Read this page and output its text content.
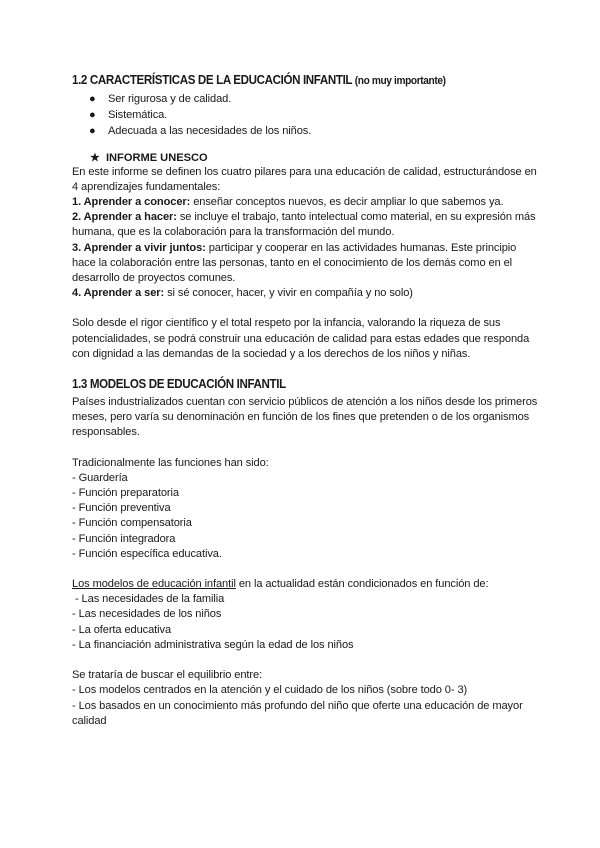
1.2 CARACTERÍSTICAS DE LA EDUCACIÓN INFANTIL (no muy importante)
● Ser rigurosa y de calidad.
● Sistemática.
● Adecuada a las necesidades de los niños.
★ INFORME UNESCO

En este informe se definen los cuatro pilares para una educación de calidad, estructurándose en 4 aprendizajes fundamentales:

1. Aprender a conocer: enseñar conceptos nuevos, es decir ampliar lo que sabemos ya.

2. Aprender a hacer: se incluye el trabajo, tanto intelectual como material, en su expresión más humana, que es la colaboración para la transformación del mundo.

3. Aprender a vivir juntos: participar y cooperar en las actividades humanas. Este principio hace la colaboración entre las personas, tanto en el conocimiento de los demás como en el desarrollo de proyectos comunes.

4. Aprender a ser: si sé conocer, hacer, y vivir en compañía y no solo)

Solo desde el rigor científico y el total respeto por la infancia, valorando la riqueza de sus potencialidades, se podrá construir una educación de calidad para estas edades que responda con dignidad a las demandas de la sociedad y a los derechos de los niños y niñas.

1.3 MODELOS DE EDUCACIÓN INFANTIL

Países industrializados cuentan con servicio públicos de atención a los niños desde los primeros meses, pero varía su denominación en función de los fines que pretenden o de los organismos responsables.

Tradicionalmente las funciones han sido:

- Guardería

- Función preparatoria

- Función preventiva

- Función compensatoria

- Función integradora

- Función específica educativa.

Los modelos de educación infantil en la actualidad están condicionados en función de:

- Las necesidades de la familia

- Las necesidades de los niños

- La oferta educativa

- La financiación administrativa según la edad de los niños

Se trataría de buscar el equilibrio entre:

- Los modelos centrados en la atención y el cuidado de los niños (sobre todo 0- 3)

- Los basados en un conocimiento más profundo del niño que oferte una educación de mayor calidad
